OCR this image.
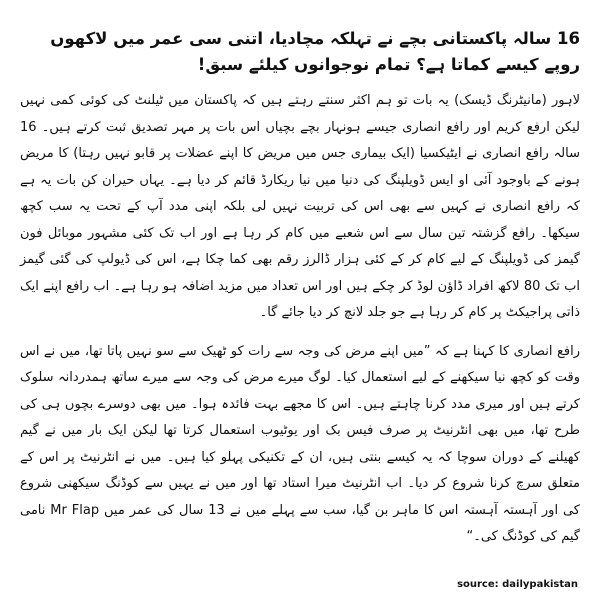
16 سالہ پاکستانی بچے نے تہلکہ مچادیا، اتنی سی عمر میں لاکھوں روپے کیسے کماتا ہے؟ تمام نوجوانوں کیلئے سبق!

لاہور (مانیٹرنگ ڈیسک) یہ بات تو ہم اکثر سنتے رہتے ہیں کہ پاکستان میں ٹیلنٹ کی کوئی کمی نہیں لیکن ارفع کریم اور رافع انصاری جیسے ہونہار بچے بچیاں اس بات پر مہر تصدیق ثبت کرتے ہیں۔ 16 سالہ رافع انصاری نے ایٹیکسیا (ایک بیماری جس میں مریض کا اپنے عضلات پر قابو نہیں رہتا) کا مریض ہونے کے باوجود آئی او ایس ڈویلپنگ کی دنیا میں نیا ریکارڈ قائم کر دیا ہے۔ یہاں حیران کن بات یہ ہے کہ رافع انصاری نے کہیں سے بھی اس کی تربیت نہیں لی بلکہ اپنی مدد آپ کے تحت یہ سب کچھ سیکھا۔ رافع گزشتہ تین سال سے اس شعبے میں کام کر رہا ہے اور اب تک کئی مشہور موبائل فون گیمز کی ڈویلپنگ کے لیے کام کر کے کئی ہزار ڈالرز رقم بھی کما چکا ہے، اس کی ڈیولپ کی گئی گیمز اب تک 80 لاکھ افراد ڈاؤن لوڈ کر چکے ہیں اور اس تعداد میں مزید اضافہ ہو رہا ہے۔ اب رافع اپنے ایک ذاتی پراجیکٹ پر کام کر رہا ہے جو جلد لانچ کر دیا جائے گا۔

رافع انصاری کا کہنا ہے کہ ”میں اپنے مرض کی وجہ سے رات کو ٹھیک سے سو نہیں پاتا تھا، میں نے اس وقت کو کچھ نیا سیکھنے کے لیے استعمال کیا۔ لوگ میرے مرض کی وجہ سے میرے ساتھ ہمدردانہ سلوک کرتے ہیں اور میری مدد کرنا چاہتے ہیں۔ اس کا مجھے بہت فائدہ ہوا۔ میں بھی دوسرے بچوں ہی کی طرح تھا، میں بھی انٹرنیٹ پر صرف فیس بک اور یوٹیوب استعمال کرتا تھا لیکن ایک بار میں نے گیم کھیلنے کے دوران سوچا کہ یہ کیسے بنتی ہیں، ان کے تکنیکی پہلو کیا ہیں۔ میں نے انٹرنیٹ پر اس کے متعلق سرچ کرنا شروع کر دیا۔ اب انٹرنیٹ میرا استاد تھا اور میں نے یہیں سے کوڈنگ سیکھنی شروع کی اور آہستہ آہستہ اس کا ماہر بن گیا، سب سے پہلے میں نے 13 سال کی عمر میں Mr Flap نامی گیم کی کوڈنگ کی۔“

source: dailypakistan
